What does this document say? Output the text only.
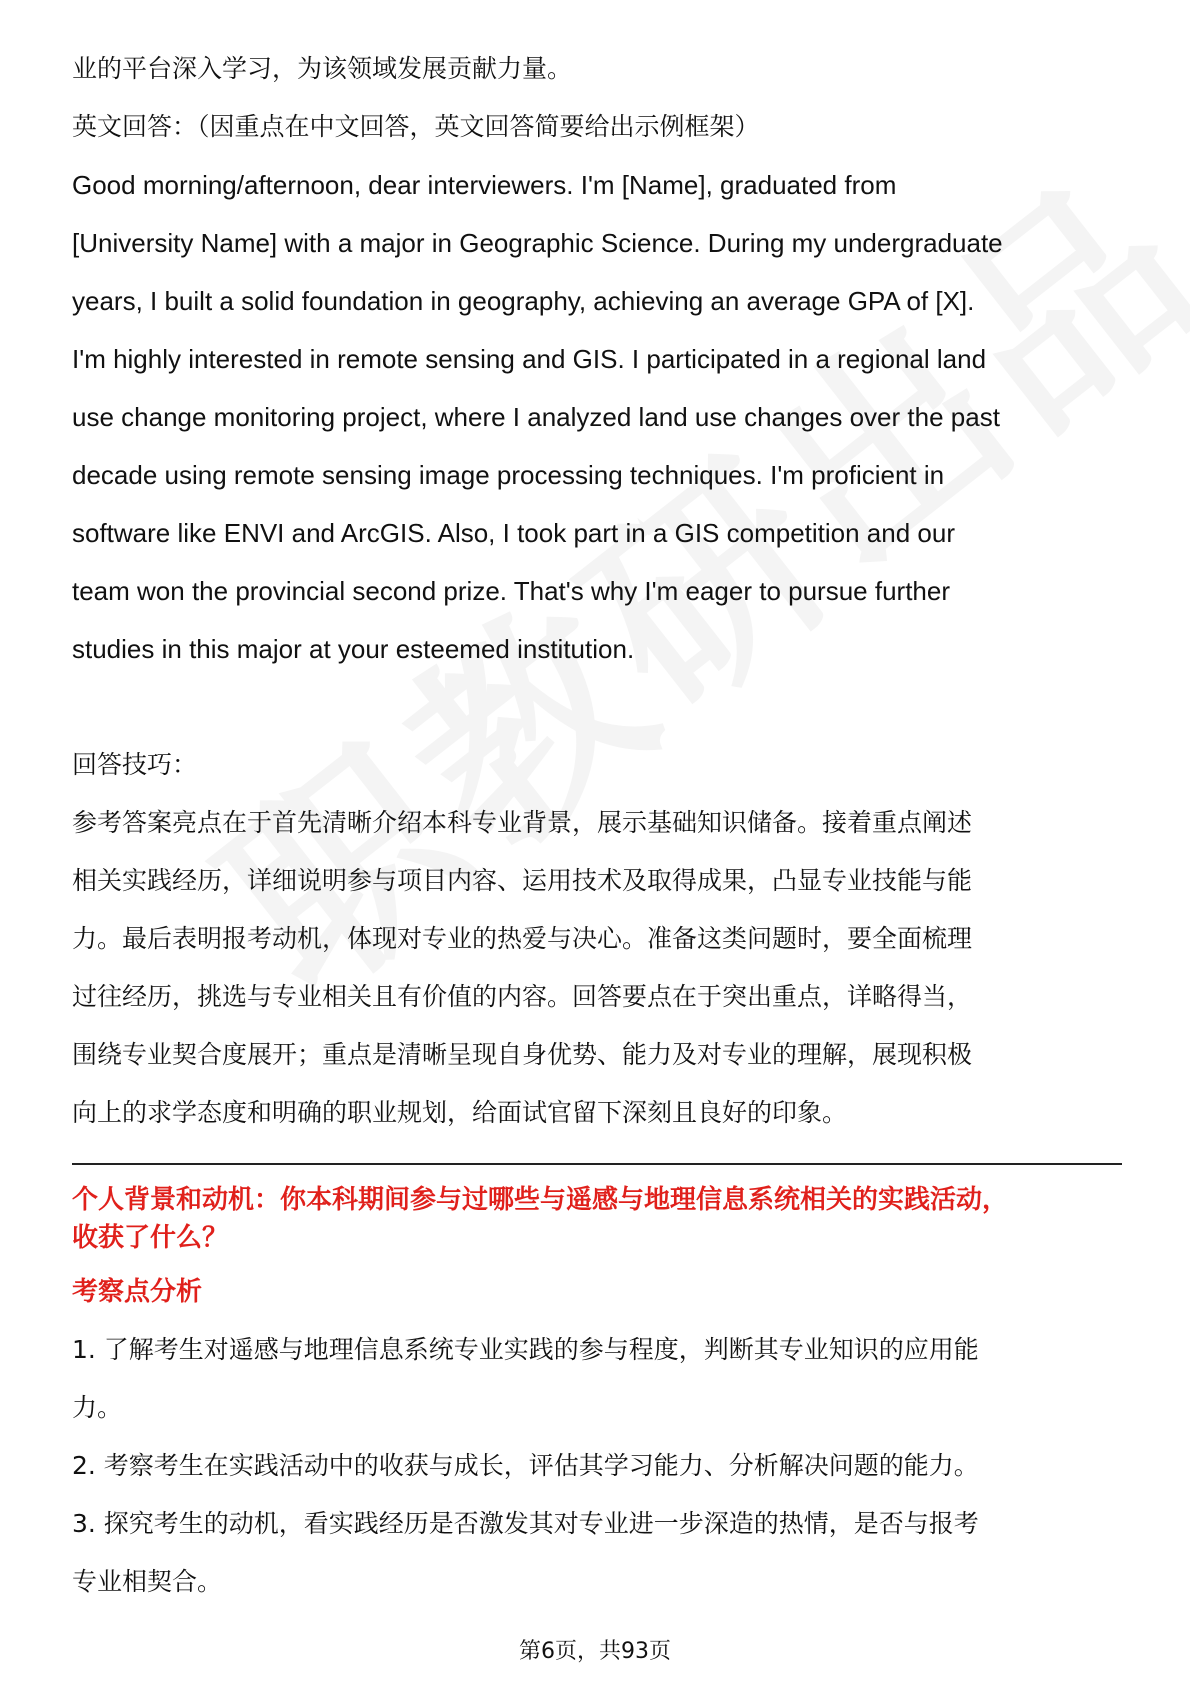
业的平台深入学习，为该领域发展贡献力量。

英文回答：（因重点在中文回答，英文回答简要给出示例框架）

Good morning/afternoon, dear interviewers. I'm [Name], graduated from

[University Name] with a major in Geographic Science. During my undergraduate

years, I built a solid foundation in geography, achieving an average GPA of [X].

I'm highly interested in remote sensing and GIS. I participated in a regional land

use change monitoring project, where I analyzed land use changes over the past

decade using remote sensing image processing techniques. I'm proficient in

software like ENVI and ArcGIS. Also, I took part in a GIS competition and our

team won the provincial second prize. That's why I'm eager to pursue further

studies in this major at your esteemed institution.

回答技巧：

参考答案亮点在于首先清晰介绍本科专业背景，展示基础知识储备。接着重点阐述

相关实践经历，详细说明参与项目内容、运用技术及取得成果，凸显专业技能与能

力。最后表明报考动机，体现对专业的热爱与决心。准备这类问题时，要全面梳理

过往经历，挑选与专业相关且有价值的内容。回答要点在于突出重点，详略得当，

围绕专业契合度展开；重点是清晰呈现自身优势、能力及对专业的理解，展现积极

向上的求学态度和明确的职业规划，给面试官留下深刻且良好的印象。

个人背景和动机：你本科期间参与过哪些与遥感与地理信息系统相关的实践活动，

收获了什么？

考察点分析

1. 了解考生对遥感与地理信息系统专业实践的参与程度，判断其专业知识的应用能

力。

2. 考察考生在实践活动中的收获与成长，评估其学习能力、分析解决问题的能力。

3. 探究考生的动机，看实践经历是否激发其对专业进一步深造的热情，是否与报考

专业相契合。

第6页，共93页
